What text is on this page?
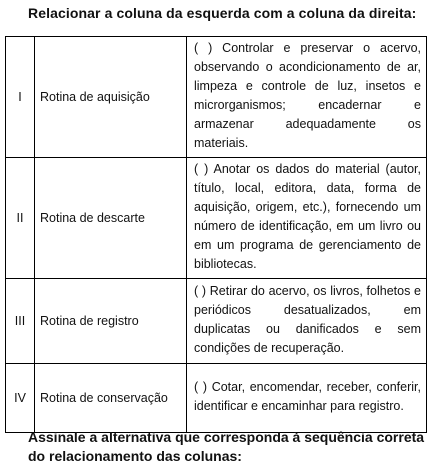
Relacionar a coluna da esquerda com a coluna da direita:
I	Rotina de aquisição	( ) Controlar e preservar o acervo, observando o acondicionamento de ar, limpeza e controle de luz, insetos e microrganismos; encadernar e armazenar adequadamente os materiais.
II	Rotina de descarte	( ) Anotar os dados do material (autor, título, local, editora, data, forma de aquisição, origem, etc.), fornecendo um número de identificação, em um livro ou em um programa de gerenciamento de bibliotecas.
III	Rotina de registro	( ) Retirar do acervo, os livros, folhetos e periódicos desatualizados, em duplicatas ou danificados e sem condições de recuperação.
IV	Rotina de conservação	( ) Cotar, encomendar, receber, conferir, identificar e encaminhar para registro.
Assinale a alternativa que corresponda à sequência correta do relacionamento das colunas:
